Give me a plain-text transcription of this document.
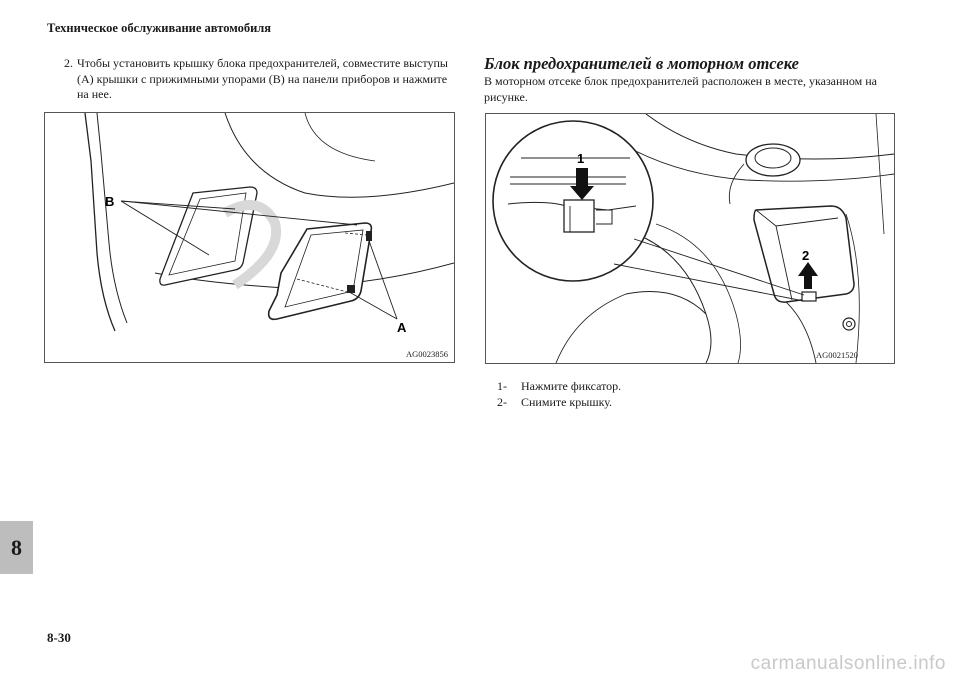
Техническое обслуживание автомобиля
8
2. Чтобы установить крышку блока предохранителей, совместите выступы (A) крышки с прижимными упорами (B) на панели приборов и нажмите на нее.
B
A
AG0023856
Блок предохранителей в моторном отсеке
В моторном отсеке блок предохранителей расположен в месте, указанном на рисунке.
2
1
AG0021520
1-	Нажмите фиксатор.
2-	Снимите крышку.
8-30
carmanualsonline.info
